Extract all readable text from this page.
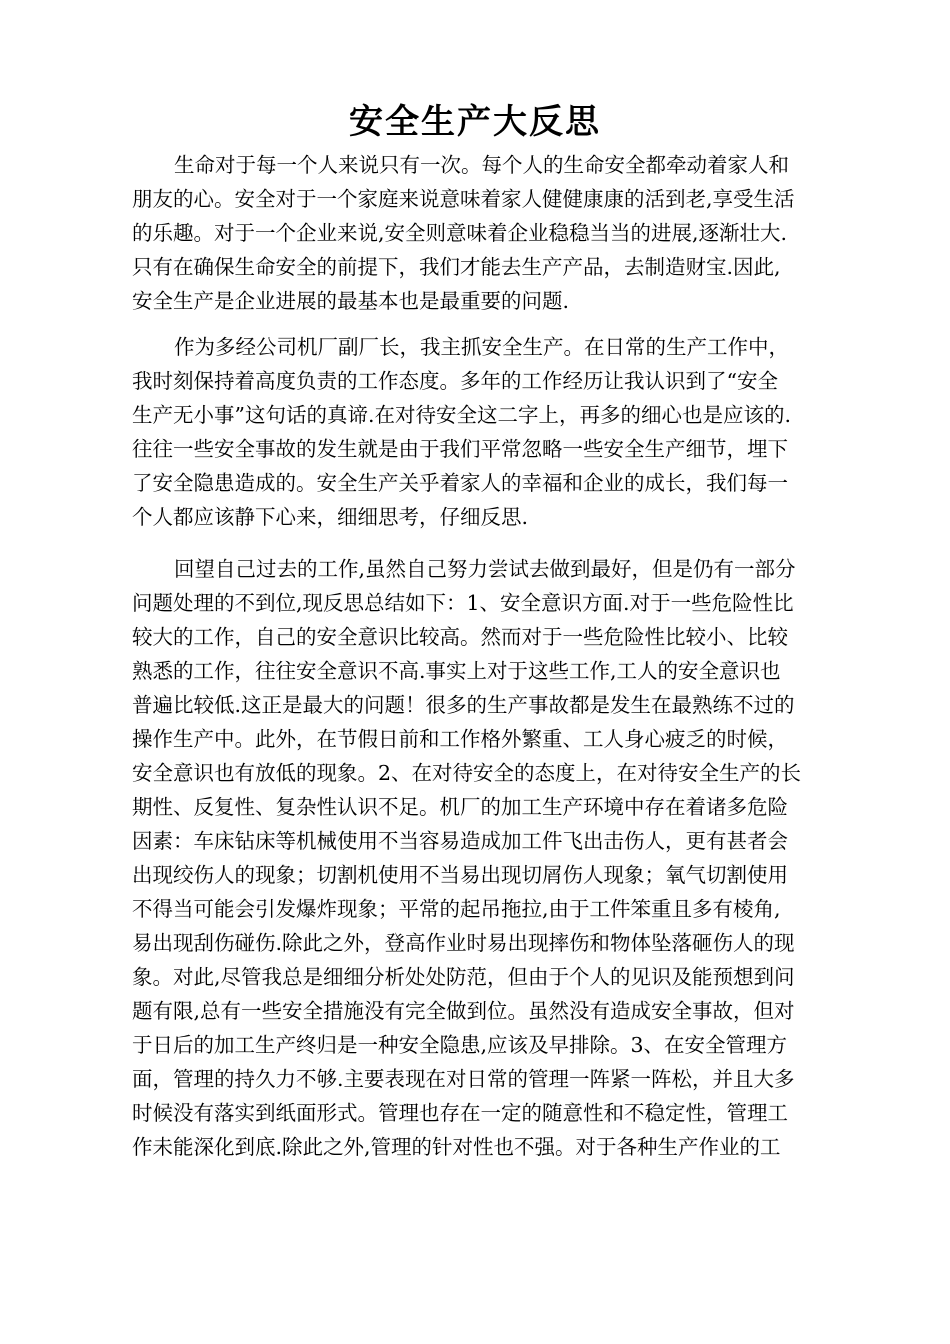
安全生产大反思
生命对于每一个人来说只有一次。每个人的生命安全都牵动着家人和
朋友的心。安全对于一个家庭来说意味着家人健健康康的活到老,享受生活
的乐趣。对于一个企业来说,安全则意味着企业稳稳当当的进展,逐渐壮大.
只有在确保生命安全的前提下，我们才能去生产产品，去制造财宝.因此,
安全生产是企业进展的最基本也是最重要的问题.
作为多经公司机厂副厂长，我主抓安全生产。在日常的生产工作中，
我时刻保持着高度负责的工作态度。多年的工作经历让我认识到了“安全
生产无小事”这句话的真谛.在对待安全这二字上，再多的细心也是应该的.
往往一些安全事故的发生就是由于我们平常忽略一些安全生产细节，埋下
了安全隐患造成的。安全生产关乎着家人的幸福和企业的成长，我们每一
个人都应该静下心来，细细思考，仔细反思.
回望自己过去的工作,虽然自己努力尝试去做到最好，但是仍有一部分
问题处理的不到位,现反思总结如下：1、安全意识方面.对于一些危险性比
较大的工作，自己的安全意识比较高。然而对于一些危险性比较小、比较
熟悉的工作，往往安全意识不高.事实上对于这些工作,工人的安全意识也
普遍比较低.这正是最大的问题！很多的生产事故都是发生在最熟练不过的
操作生产中。此外，在节假日前和工作格外繁重、工人身心疲乏的时候，
安全意识也有放低的现象。2、在对待安全的态度上，在对待安全生产的长
期性、反复性、复杂性认识不足。机厂的加工生产环境中存在着诸多危险
因素：车床钻床等机械使用不当容易造成加工件飞出击伤人，更有甚者会
出现绞伤人的现象；切割机使用不当易出现切屑伤人现象；氧气切割使用
不得当可能会引发爆炸现象；平常的起吊拖拉,由于工件笨重且多有棱角,
易出现刮伤碰伤.除此之外，登高作业时易出现摔伤和物体坠落砸伤人的现
象。对此,尽管我总是细细分析处处防范，但由于个人的见识及能预想到问
题有限,总有一些安全措施没有完全做到位。虽然没有造成安全事故，但对
于日后的加工生产终归是一种安全隐患,应该及早排除。3、在安全管理方
面，管理的持久力不够.主要表现在对日常的管理一阵紧一阵松，并且大多
时候没有落实到纸面形式。管理也存在一定的随意性和不稳定性，管理工
作未能深化到底.除此之外,管理的针对性也不强。对于各种生产作业的工
